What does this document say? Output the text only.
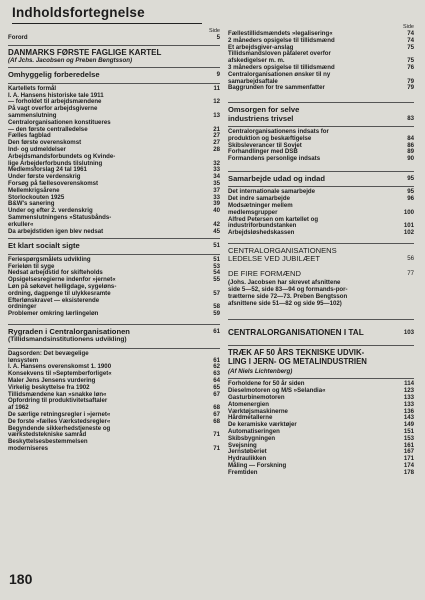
Indholdsfortegnelse
Side
Forord	5
DANMARKS FØRSTE FAGLIGE KARTEL
(Af Jchs. Jacobsen og Preben Bengtsson)
Omhyggelig forberedelse	9
Kartellets formål	11
I. A. Hansens historiske tale 1911
— forholdet til arbejdsmændene	12
På vagt overfor arbejdsgiverne
sammenslutning	13
Centralorganisationen konstitueres
— den første centralledelse	21
Fælles fagblad	27
Den første overenskomst	27
Ind- og udmeldelser	28
Arbejdsmandsforbundets og Kvinde-
lige Arbejderforbunds tilslutning	32
Medlemsforslag 24 tal 1961	33
Under første verdenskrig	34
Forsøg på fællesoverenskomst	35
Mellemkrigsårene	37
Storlockouten 1925	33
B&W's sanering	39
Under og efter 2. verdenskrig	40
Sammenslutningens »Statusbånds-
erkuller«	42
Da arbejdstiden igen blev nedsat	45
Et klart socialt sigte	51
Feriespørgsmålets udvikling	51
Ferieløn til syge	53
Nedsat arbejdstid for skifteholds	54
Opsigelsesregierne indenfor »jernet«	55
Løn på søkøvet helligdage, sygeløns-
ordning, dagpenge til ulykkesramte	57
Efterlønskravet — eksisterende
ordninger	58
Problemer omkring lærlingeløn	59
Rygraden i Centralorganisationen	61
(Tillidsmandsinstitutionens udvikling)
Dagsorden: Det bevægelige
lønsystem	61
I. A. Hansens overenskomst 1. 1900	62
Konsekvens til »Septemberforliget«	63
Maler Jens Jensens vurdering	64
Virkelig beskyttelse fra 1902	65
Tillidsmændene kan »snakke løn«	67
Opfordring til produktivitetsaftaler
af 1962	68
De særlige retningsregler i »jernet«	67
De forste »fælles Værkstedsregler«	68
Begyndende sikkerhedstjeneste og
værkstedstekniske samråd	71
Beskyttelsesbestemmelsen
moderniseres	71
Side
Fællestillidsmændets »legalisering«	74
2 måneders opsigelse til tillidsmænd	74
Et arbejdsgiver-anslag	75
Tillidsmandsloven påtaleret overfor
afskedigelser m. m.	75
3 måneders opsigelse til tillidsmænd	76
Centralorganisationen ønsker til ny
samarbejdsaftale	79
Baggrunden for tre sammenfatter	79
Omsorgen for selve
industriens trivsel	83
Centralorganisationens indsats for
produktion og beskæftigelse	84
Skibsleverancer til Sovjet	86
Forhandlinger med DSB	89
Formandens personlige indsats	90
Samarbejde udad og indad	95
Det internationale samarbejde	95
Det indre samarbejde	96
Modsætninger mellem
medlemsgrupper	100
Alfred Petersen om kartellet og
industriforbundstanken	101
Arbejdsløshedskassen	102
CENTRALORGANISATIONENS
LEDELSE VED JUBILÆET	56
DE FIRE FORMÆND	77
(Johs. Jacobsen har skrevet afsnittene
side 5—52, side 83—94 og formands-por-
trætterne side 72—73. Preben Bengtsson
afsnittene side 51—82 og side 95—102)
CENTRALORGANISATIONEN I TAL	103
TRÆK AF 50 ÅRS TEKNISKE UDVIK-
LING I JERN- OG METALINDUSTRIEN
(Af Niels Lichtenberg)
Forholdene for 50 år siden	114
Dieselmotoren og M/S »Selandia«	123
Gasturbinemotoren	133
Atomenergien	133
Værktøjsmaskinerne	136
Hårdmetallerne	143
De keramiske værktøjer	149
Automatiseringen	151
Skibsbygningen	153
Svejsning	161
Jernstøberiet	167
Hydraulikken	171
Måling — Forskning	174
Fremtiden	178
180
